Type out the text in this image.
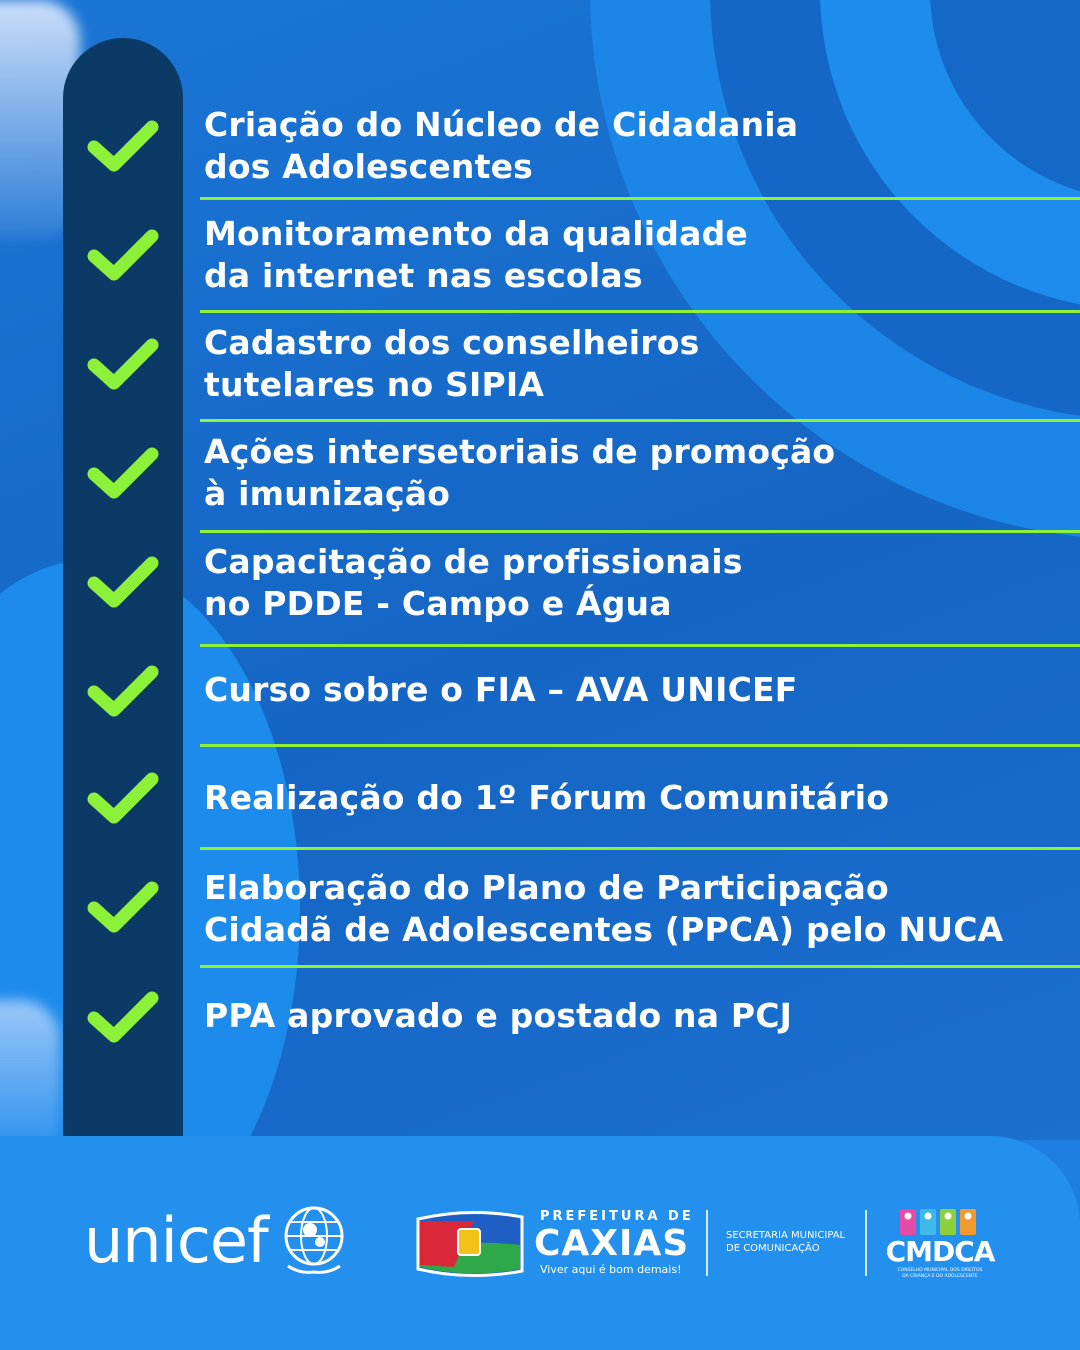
Criação do Núcleo de Cidadania
dos Adolescentes
Monitoramento da qualidade
da internet nas escolas
Cadastro dos conselheiros
tutelares no SIPIA
Ações intersetoriais de promoção
à imunização
Capacitação de profissionais
no PDDE - Campo e Água
Curso sobre o FIA – AVA UNICEF
Realização do 1º Fórum Comunitário
Elaboração do Plano de Participação
Cidadã de Adolescentes (PPCA) pelo NUCA
PPA aprovado e postado na PCJ
unicef	PREFEITURA DE
CAXIAS
Viver aqui é bom demais!
SECRETARIA MUNICIPAL
DE COMUNICAÇÃO	CMDCA
CONSELHO MUNICIPAL DOS DIREITOS
DA CRIANÇA E DO ADOLESCENTE
